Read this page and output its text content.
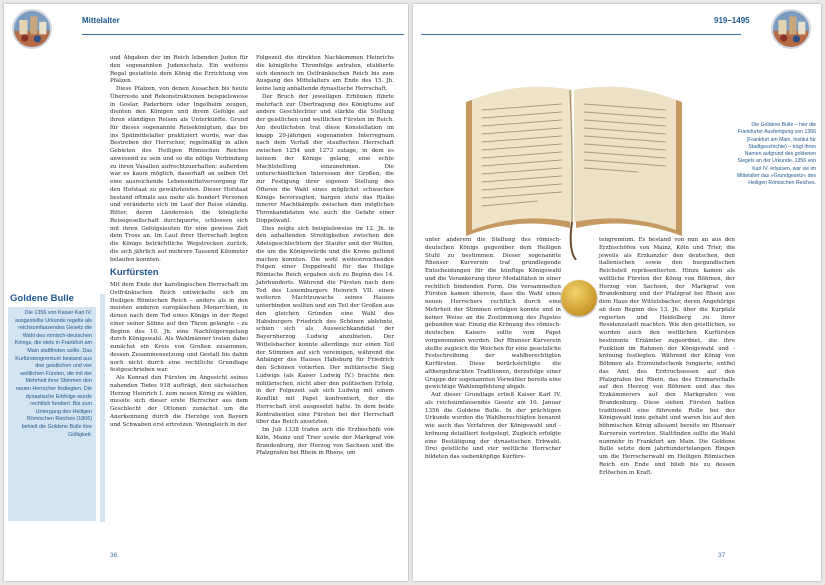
Mittelalter
Goldene Bulle
Die 1356 von Kaiser Karl IV. ausgestellte Urkunde regelte als reichsumfassendes Gesetz die Wahl des römisch-deutschen Königs, die stets in Frankfurt am Main stattfinden sollte. Das Kurfürstengremium bestand aus drei geistlichen und vier weltlichen Fürsten, die mit der Mehrheit ihrer Stimmen den neuen Herrscher festlegten. Die dynastische Erbfolge wurde rechtlich fundiert. Bis zum Untergang des Heiligen Römischen Reiches (1806) behielt die Goldene Bulle ihre Gültigkeit.

und Abgaben der im Reich lebenden Juden für den sogenannten Judenschutz. Ein weiteres Regal gestattete dem König die Errichtung von Pfalzen.

Diese Pfalzen, von denen Ausachen bis heute Überreste und Rekonstruktionen beispielsweise in Goslar, Paderborn oder Ingelheim zeugen, dienten den Königen und ihrem Gefolge auf ihren ständigen Reisen als Unterkünfte. Grund für dieses sogenannte Reisekönigtum, das bis ins Spätmittelalter praktiziert wurde, war das Bestreben der Herrscher, regelmäßig in allen Gebieten des Heiligen Römischen Reiches anwesend zu sein und so die nötige Verbindung zu ihren Vasallen aufrechtzuerhalten; außerdem war es kaum möglich, dauerhaft an selben Ort eine ausreichende Lebensmittelversorgung für den Hofstaat zu gewährleisten. Dieser Hofstaat bestand oftmals aus mehr als hundert Personen und veränderte sich im Lauf der Reise ständig. Ritter, deren Ländereien die königliche Reisegesellschaft durchquerte, schlossen sich mit ihren Gefolgsleuten für eine gewisse Zeit dem Tross an. Im Lauf ihrer Herrschaft legten die Könige beträchtliche Wegstrecken zurück, die sich jährlich auf mehrere Tausend Kilometer belaufen konnten.

Kurfürsten

Mit dem Ende der karolingischen Herrschaft im Ostfränkischen Reich entwickelte sich im Heiligen Römischen Reich – anders als in den meisten anderen europäischen Monarchien, in denen nach dem Tod eines Königs in der Regel einer seiner Söhne auf den Thron gelangte – zu Beginn des 10. Jh. eine Nachfolgeregelung durch Königswahl. Als Wahlmänner traten dabei zunächst ein Kreis von Großen zusammen, dessen Zusammensetzung und Gestalt bis dahin noch nicht durch eine rechtliche Grundlage festgeschrieben war.

Als Konrad den Fürsten im Angesicht seines nahenden Todes 918 aufträgt, den sächsischen Herzog Heinrich I. zum neuen König zu wählen, musste sich dieser erste Herrscher aus dem Geschlecht der Ottonen zunächst um die Anerkennung durch die Herzöge von Bayern und Schwaben erst ertrotzen. Wenngleich in der

Folgezeit die direkten Nachkommen Heinrichs die königliche Thronfolge antraten, etablierte sich dennoch im Ostfränkischen Reich bis zum Ausgang des Mittelalters am Ende des 15. Jh. keine lang anhaltende dynastische Herrschaft.

Der Bruch der jeweiligen Erblinien führte mehrfach zur Übertragung des Königtums auf andere Geschlechter und stärkte die Stellung der geistlichen und weltlichen Fürsten im Reich. Am deutlichsten trat diese Konstellation im knapp 20-jährigen sogenannten Interregnum nach dem Verfall der staufischen Herrschaft zwischen 1254 und 1273 zutage, in dem es keinem der Könige gelang, eine echte Machtstellung einzunehmen. Die unterschiedlichen Interessen der Großen, die zur Festigung ihrer eigenen Stellung des Öfteren die Wahl eines möglichst schwachen Königs bevorzugten, bargen stets das Risiko innerer Machtkämpfe zwischen den möglichen Thronkandidaten wie auch die Gefahr einer Doppelwahl.

Dies zeigte sich beispielsweise im 12. Jh. in den anhaltenden Streitigkeiten zwischen den Adelsgeschlechtern der Staufer und der Welfen, die um die Königswürde und die Krone geltend machen konnten. Die wohl weitestreichenden Folgen einer Doppelwahl für das Heilige Römische Reich ergaben sich zu Beginn des 14. Jahrhunderts. Während die Fürsten nach dem Tod des Luxemburgers Heinrich VII. einen weiteren Machtzuwachs seines Hauses unterbinden wollten und ein Teil der Großen aus den gleichen Gründen eine Wahl des Habsburgers Friedrich des Schönen ablehnte, schien sich als Ausweichkandidat der Bayernherzog Ludwig anzubieten. Der Wittelsbacher konnte allerdings nur einen Teil der Stimmen auf sich vereinigen, während die Anhänger des Hauses Habsburg für Friedrich den Schönen votierten. Der militärische Sieg Ludwigs (als Kaiser Ludwig IV.) brachte den militärischen, nicht aber den politischen Erfolg, in der Folgezeit sah sich Ludwig mit einem Konflikt mit Papst konfrontiert, der die Herrschaft erst ausgesetzt hatte. In dem beide Kontrahenten eine Fürsten bei der Herrschaft über das Reich ansetzten.

Im Juli 1338 trafen sich die Erzbischöfe von Köln, Mainz und Trier sowie der Markgraf von Brandenburg, der Herzog von Sachsen und die Pfalzgrafen bei Rhein in Rhens, um

36
919–1495
Die Goldene Bulle – hier die Frankfurter Ausfertigung von 1366 (Frankfurt am Main, Institut für Stadtgeschichte) – trägt ihren Namen aufgrund des goldenen Siegels an der Urkunde. 1356 von Karl IV. erlassen, war sie im Mittelalter das »Grundgesetz« des Heiligen Römischen Reiches.

unter anderem die Stellung des römisch-deutschen Königs gegenüber dem Heiligen Stuhl zu bestimmen. Dieser sogenannte Rhenser Kurverein traf grundlegende Entscheidungen für die künftige Königswahl und die Verankerung ihrer Modalitäten in einer rechtlich bindenden Form. Die versammelten Fürsten kamen überein, dass die Wahl eines neuen Herrschers rechtlich durch eine Mehrheit der Stimmen erfolgen konnte und in keiner Weise an die Zustimmung des Papstes gebunden war. Einzig die Krönung des römisch-deutschen Kaisers sollte vom Papst vorgenommen werden. Der Rhenser Kurverein stellte zugleich die Weichen für eine gesetzliche Festschreibung der wahlberechtigten Kurfürsten. Diese berücksichtigte die althergebrachten Traditionen, derzufolge einer Gruppe der sogenannten Vorwähler bereits eine gewichtige Wahlempfehlung abgab.

Auf dieser Grundlage erließ Kaiser Karl IV. als reichsumfassendes Gesetz am 10. Januar 1356 die Goldene Bulle. In der prächtigen Urkunde wurden die Wahlberechtigten benannt wie auch das Verfahren der Königswahl und -krönung detailliert festgelegt. Zugleich erfolgte eine Bestätigung der dynastischen Erbwahl. Drei geistliche und vier weltliche Herrscher bildeten das siebenköpfige Kurfürs-

tengremium. Es bestand von nun an aus den Erzbischöfen von Mainz, Köln und Trier, die jeweils als Erzkanzler den deutschen, den italienischen sowie den burgundischen Reichsteil repräsentierten. Hinzu kamen als weltliche Fürsten der König von Böhmen, der Herzog von Sachsen, der Markgraf von Brandenburg und der Pfalzgraf bei Rhein aus dem Haus der Wittelsbacher, deren Angehörige ab dem Beginn des 13. Jh. über die Kurpfalz regierten und Heidelberg zu ihrer Residenzstadt machten. Wie den geistlichen, so wurden auch den weltlichen Kurfürsten bestimmte Erzämter zugeordnet, die ihre Funktion im Rahmen der Königswahl und -krönung festlegten. Während der König von Böhmen als Erzmundschenk fungierte, entfiel das Amt des Erztruchsessen auf den Pfalzgrafen bei Rhein, das des Erzmarschalls auf den Herzog von Böhmen und das des Erzkämmerers auf den Markgrafen von Brandenburg. Diese sieben Fürsten hatten traditionell eine führende Rolle bei der Königswahl inne gehabt und waren bis auf den böhmischen König allesamt bereits im Rhenser Kurverein vertreten. Stattfinden sollte die Wahl nunmehr in Frankfurt am Main. Die Goldene Bulle setzte dem jahrhundertelangen Ringen um die Herrscherwahl im Heiligen Römischen Reich ein Ende und blieb bis zu dessen Erlöschen in Kraft.

37
